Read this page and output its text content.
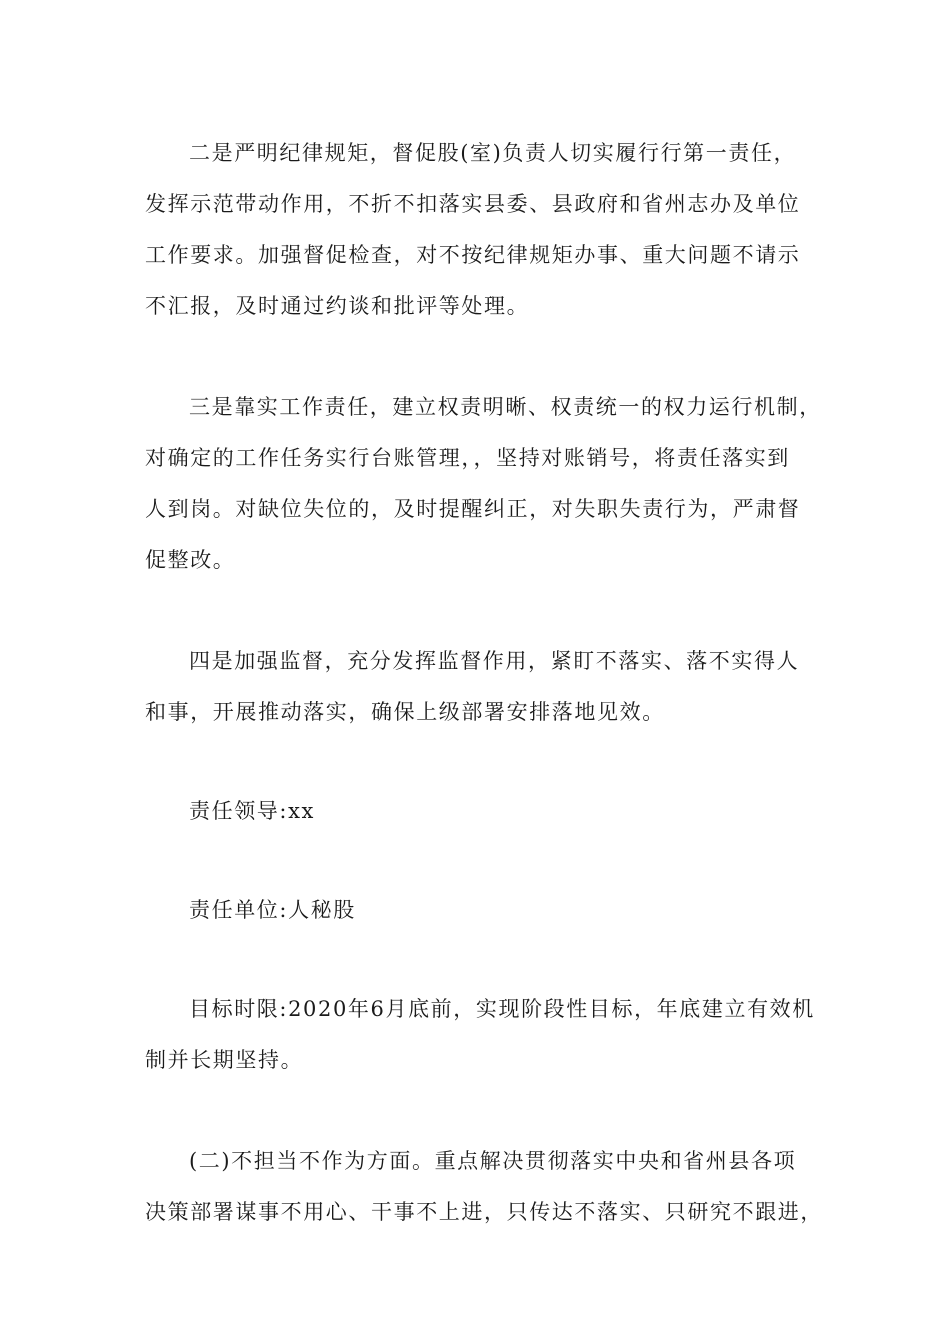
二是严明纪律规矩，督促股(室)负责人切实履行行第一责任，
发挥示范带动作用，不折不扣落实县委、县政府和省州志办及单位
工作要求。加强督促检查，对不按纪律规矩办事、重大问题不请示
不汇报，及时通过约谈和批评等处理。
三是靠实工作责任，建立权责明晰、权责统一的权力运行机制，
对确定的工作任务实行台账管理，，坚持对账销号，将责任落实到
人到岗。对缺位失位的，及时提醒纠正，对失职失责行为，严肃督
促整改。
四是加强监督，充分发挥监督作用，紧盯不落实、落不实得人
和事，开展推动落实，确保上级部署安排落地见效。
责任领导:xx
责任单位:人秘股
目标时限:2020年6月底前，实现阶段性目标，年底建立有效机
制并长期坚持。
(二)不担当不作为方面。重点解决贯彻落实中央和省州县各项
决策部署谋事不用心、干事不上进，只传达不落实、只研究不跟进，
